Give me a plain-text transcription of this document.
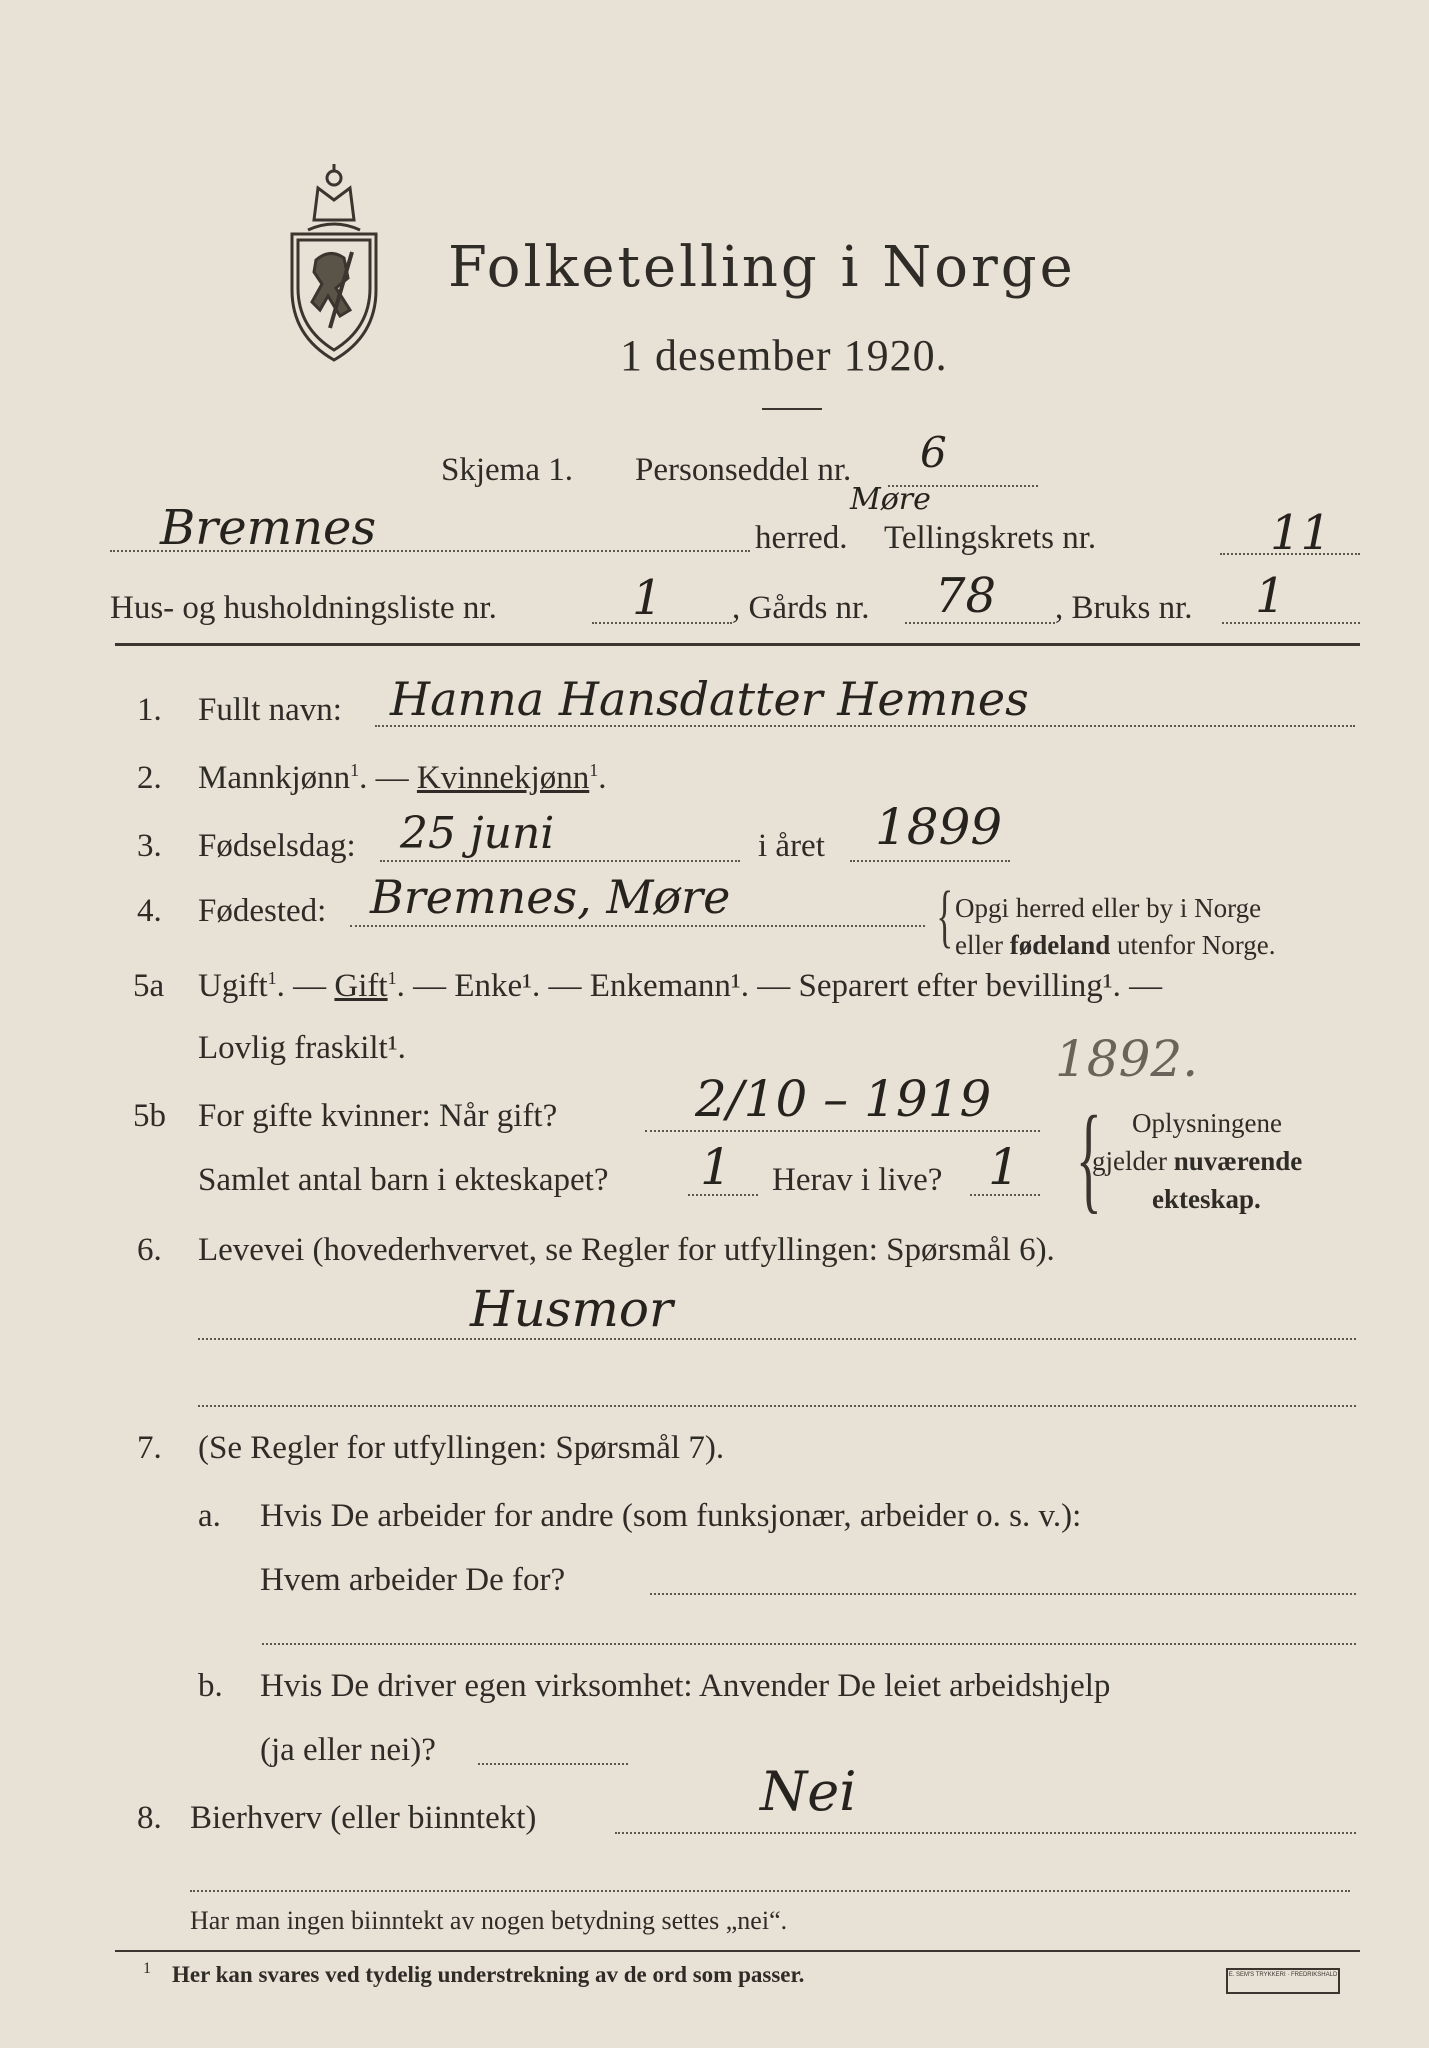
Folketelling i Norge
1 desember 1920.
Skjema 1. Personseddel nr. 6
Bremnes	herred.
Møre
Tellingskrets nr.	11
Hus- og husholdningsliste nr.	1 , Gårds nr. 78 , Bruks nr. 1
1. Fullt navn: Hanna Hansdatter Hemnes
2. Mannkjønn$^1$. — Kvinnekjønn$^1$.
3. Fødselsdag: 25 juni	i året 1899
4. Fødested: Bremnes, Møre	{ Opgi herred eller by i Norge
eller fødeland utenfor Norge.
5a Ugift$^1$. — Gift$^1$. — Enke¹. — Enkemann¹. — Separert efter bevilling¹. —
Lovlig fraskilt¹.	1892.
5b For gifte kvinner: Når gift?	2/10 – 1919
Samlet antal barn i ekteskapet? 1 Herav i live? 1 { Oplysningene
gjelder nuværende
ekteskap.
6. Levevei (hovederhvervet, se Regler for utfyllingen: Spørsmål 6).
Husmor
7. (Se Regler for utfyllingen: Spørsmål 7).
a. Hvis De arbeider for andre (som funksjonær, arbeider o. s. v.):
Hvem arbeider De for?
b. Hvis De driver egen virksomhet: Anvender De leiet arbeidshjelp
(ja eller nei)?
8. Bierhverv (eller biinntekt)	Nei
Har man ingen biinntekt av nogen betydning settes „nei“.
1 Her kan svares ved tydelig understrekning av de ord som passer.	E. SEM'S TRYKKERI · FREDRIKSHALD
